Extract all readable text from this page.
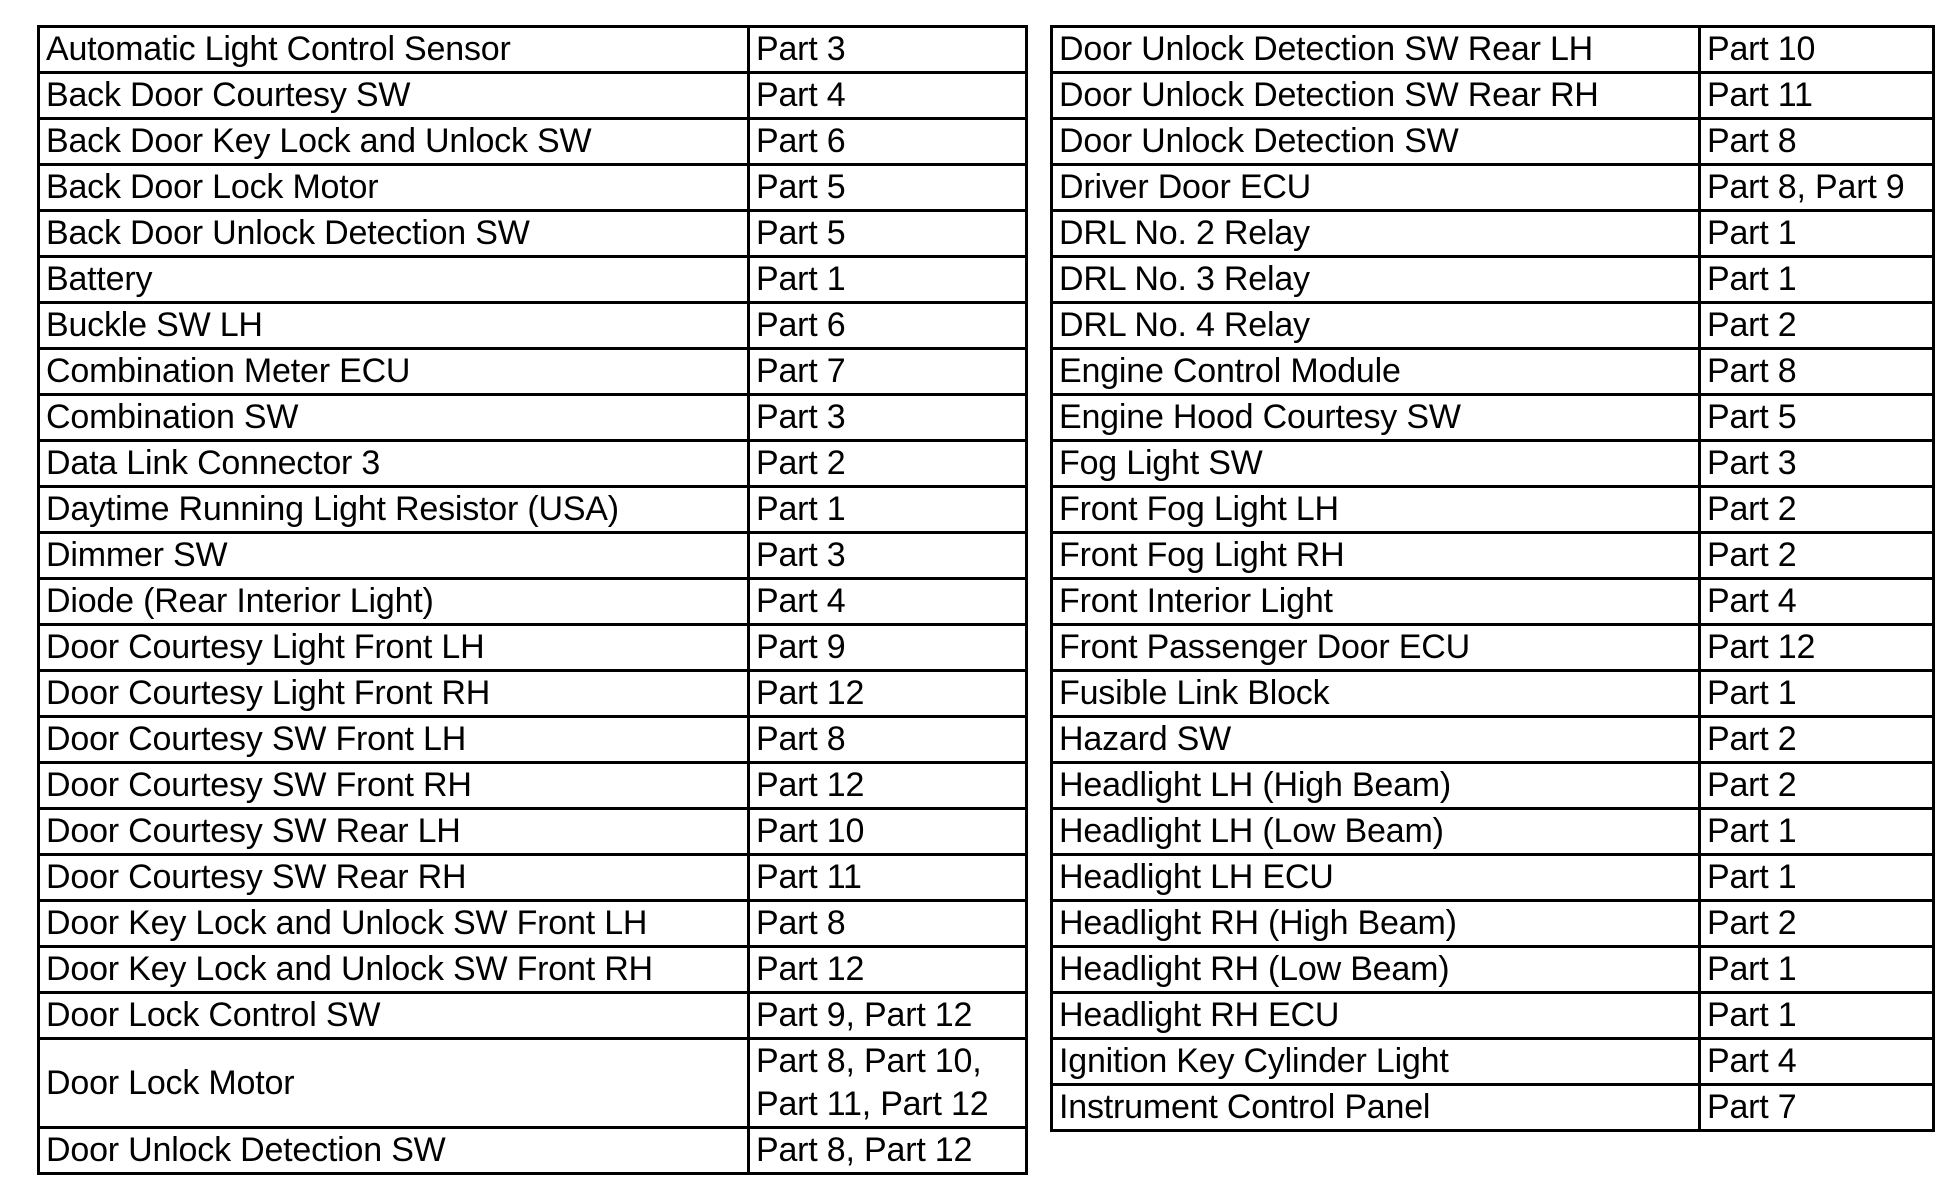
Automatic Light Control Sensor	Part 3
Back Door Courtesy SW	Part 4
Back Door Key Lock and Unlock SW	Part 6
Back Door Lock Motor	Part 5
Back Door Unlock Detection SW	Part 5
Battery	Part 1
Buckle SW LH	Part 6
Combination Meter ECU	Part 7
Combination SW	Part 3
Data Link Connector 3	Part 2
Daytime Running Light Resistor (USA)	Part 1
Dimmer SW	Part 3
Diode (Rear Interior Light)	Part 4
Door Courtesy Light Front LH	Part 9
Door Courtesy Light Front RH	Part 12
Door Courtesy SW Front LH	Part 8
Door Courtesy SW Front RH	Part 12
Door Courtesy SW Rear LH	Part 10
Door Courtesy SW Rear RH	Part 11
Door Key Lock and Unlock SW Front LH	Part 8
Door Key Lock and Unlock SW Front RH	Part 12
Door Lock Control SW	Part 9, Part 12
Door Lock Motor	Part 8, Part 10,
Part 11, Part 12
Door Unlock Detection SW	Part 8, Part 12
Door Unlock Detection SW Rear LH	Part 10
Door Unlock Detection SW Rear RH	Part 11
Door Unlock Detection SW	Part 8
Driver Door ECU	Part 8, Part 9
DRL No. 2 Relay	Part 1
DRL No. 3 Relay	Part 1
DRL No. 4 Relay	Part 2
Engine Control Module	Part 8
Engine Hood Courtesy SW	Part 5
Fog Light SW	Part 3
Front Fog Light LH	Part 2
Front Fog Light RH	Part 2
Front Interior Light	Part 4
Front Passenger Door ECU	Part 12
Fusible Link Block	Part 1
Hazard SW	Part 2
Headlight LH (High Beam)	Part 2
Headlight LH (Low Beam)	Part 1
Headlight LH ECU	Part 1
Headlight RH (High Beam)	Part 2
Headlight RH (Low Beam)	Part 1
Headlight RH ECU	Part 1
Ignition Key Cylinder Light	Part 4
Instrument Control Panel	Part 7
